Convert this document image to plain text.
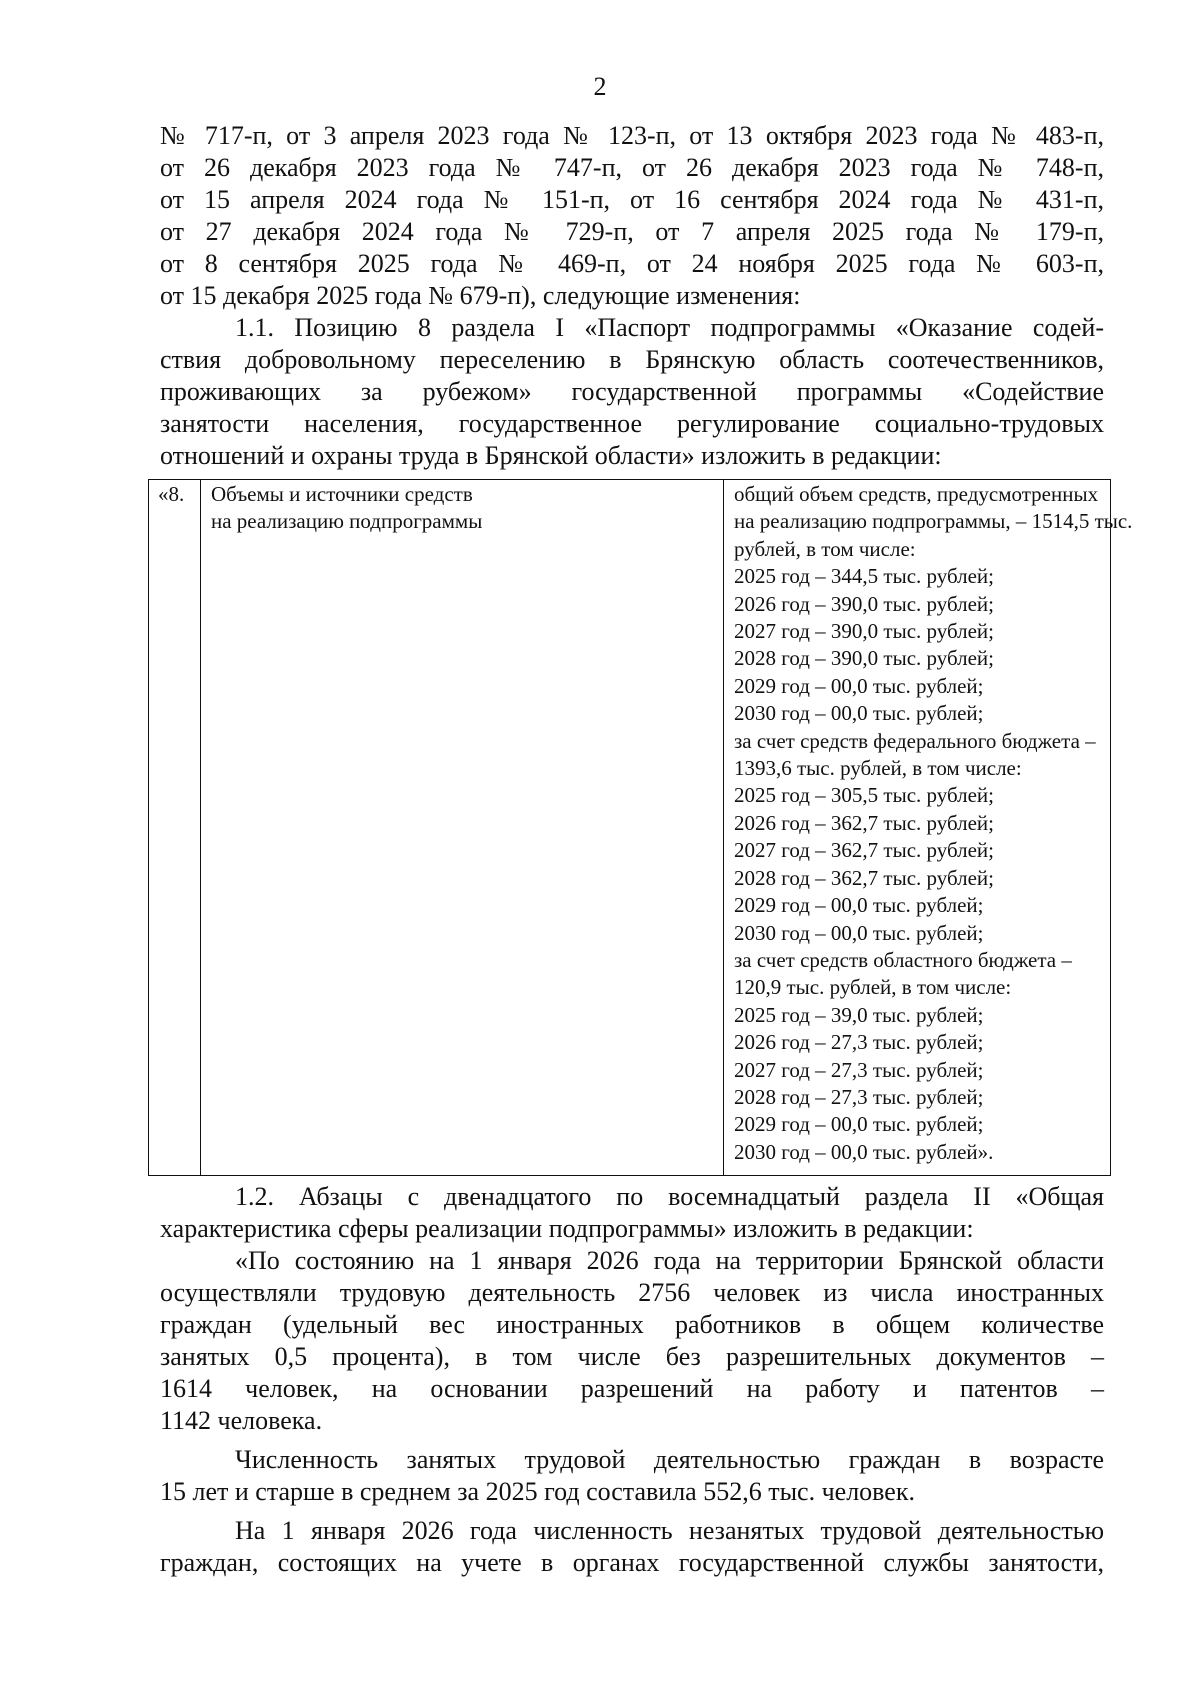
2
№ 717-п, от 3 апреля 2023 года № 123-п, от 13 октября 2023 года № 483-п,
от 26 декабря 2023 года № 747-п, от 26 декабря 2023 года № 748-п,
от 15 апреля 2024 года № 151-п, от 16 сентября 2024 года № 431-п,
от 27 декабря 2024 года № 729-п, от 7 апреля 2025 года № 179-п,
от 8 сентября 2025 года № 469-п, от 24 ноября 2025 года № 603-п,
от 15 декабря 2025 года № 679-п), следующие изменения:
1.1. Позицию 8 раздела I «Паспорт подпрограммы «Оказание содей-
ствия добровольному переселению в Брянскую область соотечественников,
проживающих за рубежом» государственной программы «Содействие
занятости населения, государственное регулирование социально-трудовых
отношений и охраны труда в Брянской области» изложить в редакции:
«8.	Объемы и источники средств
на реализацию подпрограммы
общий объем средств, предусмотренных
на реализацию подпрограммы, – 1514,5 тыс.
рублей, в том числе:
2025 год – 344,5 тыс. рублей;
2026 год – 390,0 тыс. рублей;
2027 год – 390,0 тыс. рублей;
2028 год – 390,0 тыс. рублей;
2029 год – 00,0 тыс. рублей;
2030 год – 00,0 тыс. рублей;
за счет средств федерального бюджета –
1393,6 тыс. рублей, в том числе:
2025 год – 305,5 тыс. рублей;
2026 год – 362,7 тыс. рублей;
2027 год – 362,7 тыс. рублей;
2028 год – 362,7 тыс. рублей;
2029 год – 00,0 тыс. рублей;
2030 год – 00,0 тыс. рублей;
за счет средств областного бюджета –
120,9 тыс. рублей, в том числе:
2025 год – 39,0 тыс. рублей;
2026 год – 27,3 тыс. рублей;
2027 год – 27,3 тыс. рублей;
2028 год – 27,3 тыс. рублей;
2029 год – 00,0 тыс. рублей;
2030 год – 00,0 тыс. рублей».
1.2. Абзацы с двенадцатого по восемнадцатый раздела II «Общая
характеристика сферы реализации подпрограммы» изложить в редакции:
«По состоянию на 1 января 2026 года на территории Брянской области
осуществляли трудовую деятельность 2756 человек из числа иностранных
граждан (удельный вес иностранных работников в общем количестве
занятых 0,5 процента), в том числе без разрешительных документов –
1614 человек, на основании разрешений на работу и патентов –
1142 человека.
Численность занятых трудовой деятельностью граждан в возрасте
15 лет и старше в среднем за 2025 год составила 552,6 тыс. человек.
На 1 января 2026 года численность незанятых трудовой деятельностью
граждан, состоящих на учете в органах государственной службы занятости,
